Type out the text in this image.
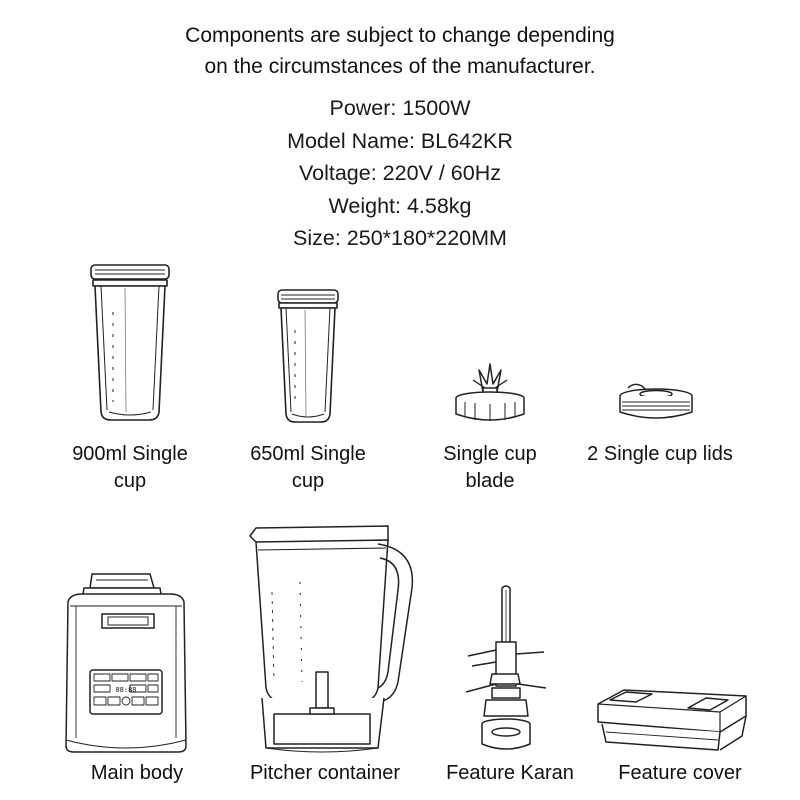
Components are subject to change depending
on the circumstances of the manufacturer.
Power: 1500W
Model Name: BL642KR
Voltage: 220V / 60Hz
Weight: 4.58kg
Size: 250*180*220MM
900ml Single
cup
650ml Single
cup
Single cup
blade
2 Single cup lids
88:88
Main body	Pitcher container	Feature Karan	Feature cover
